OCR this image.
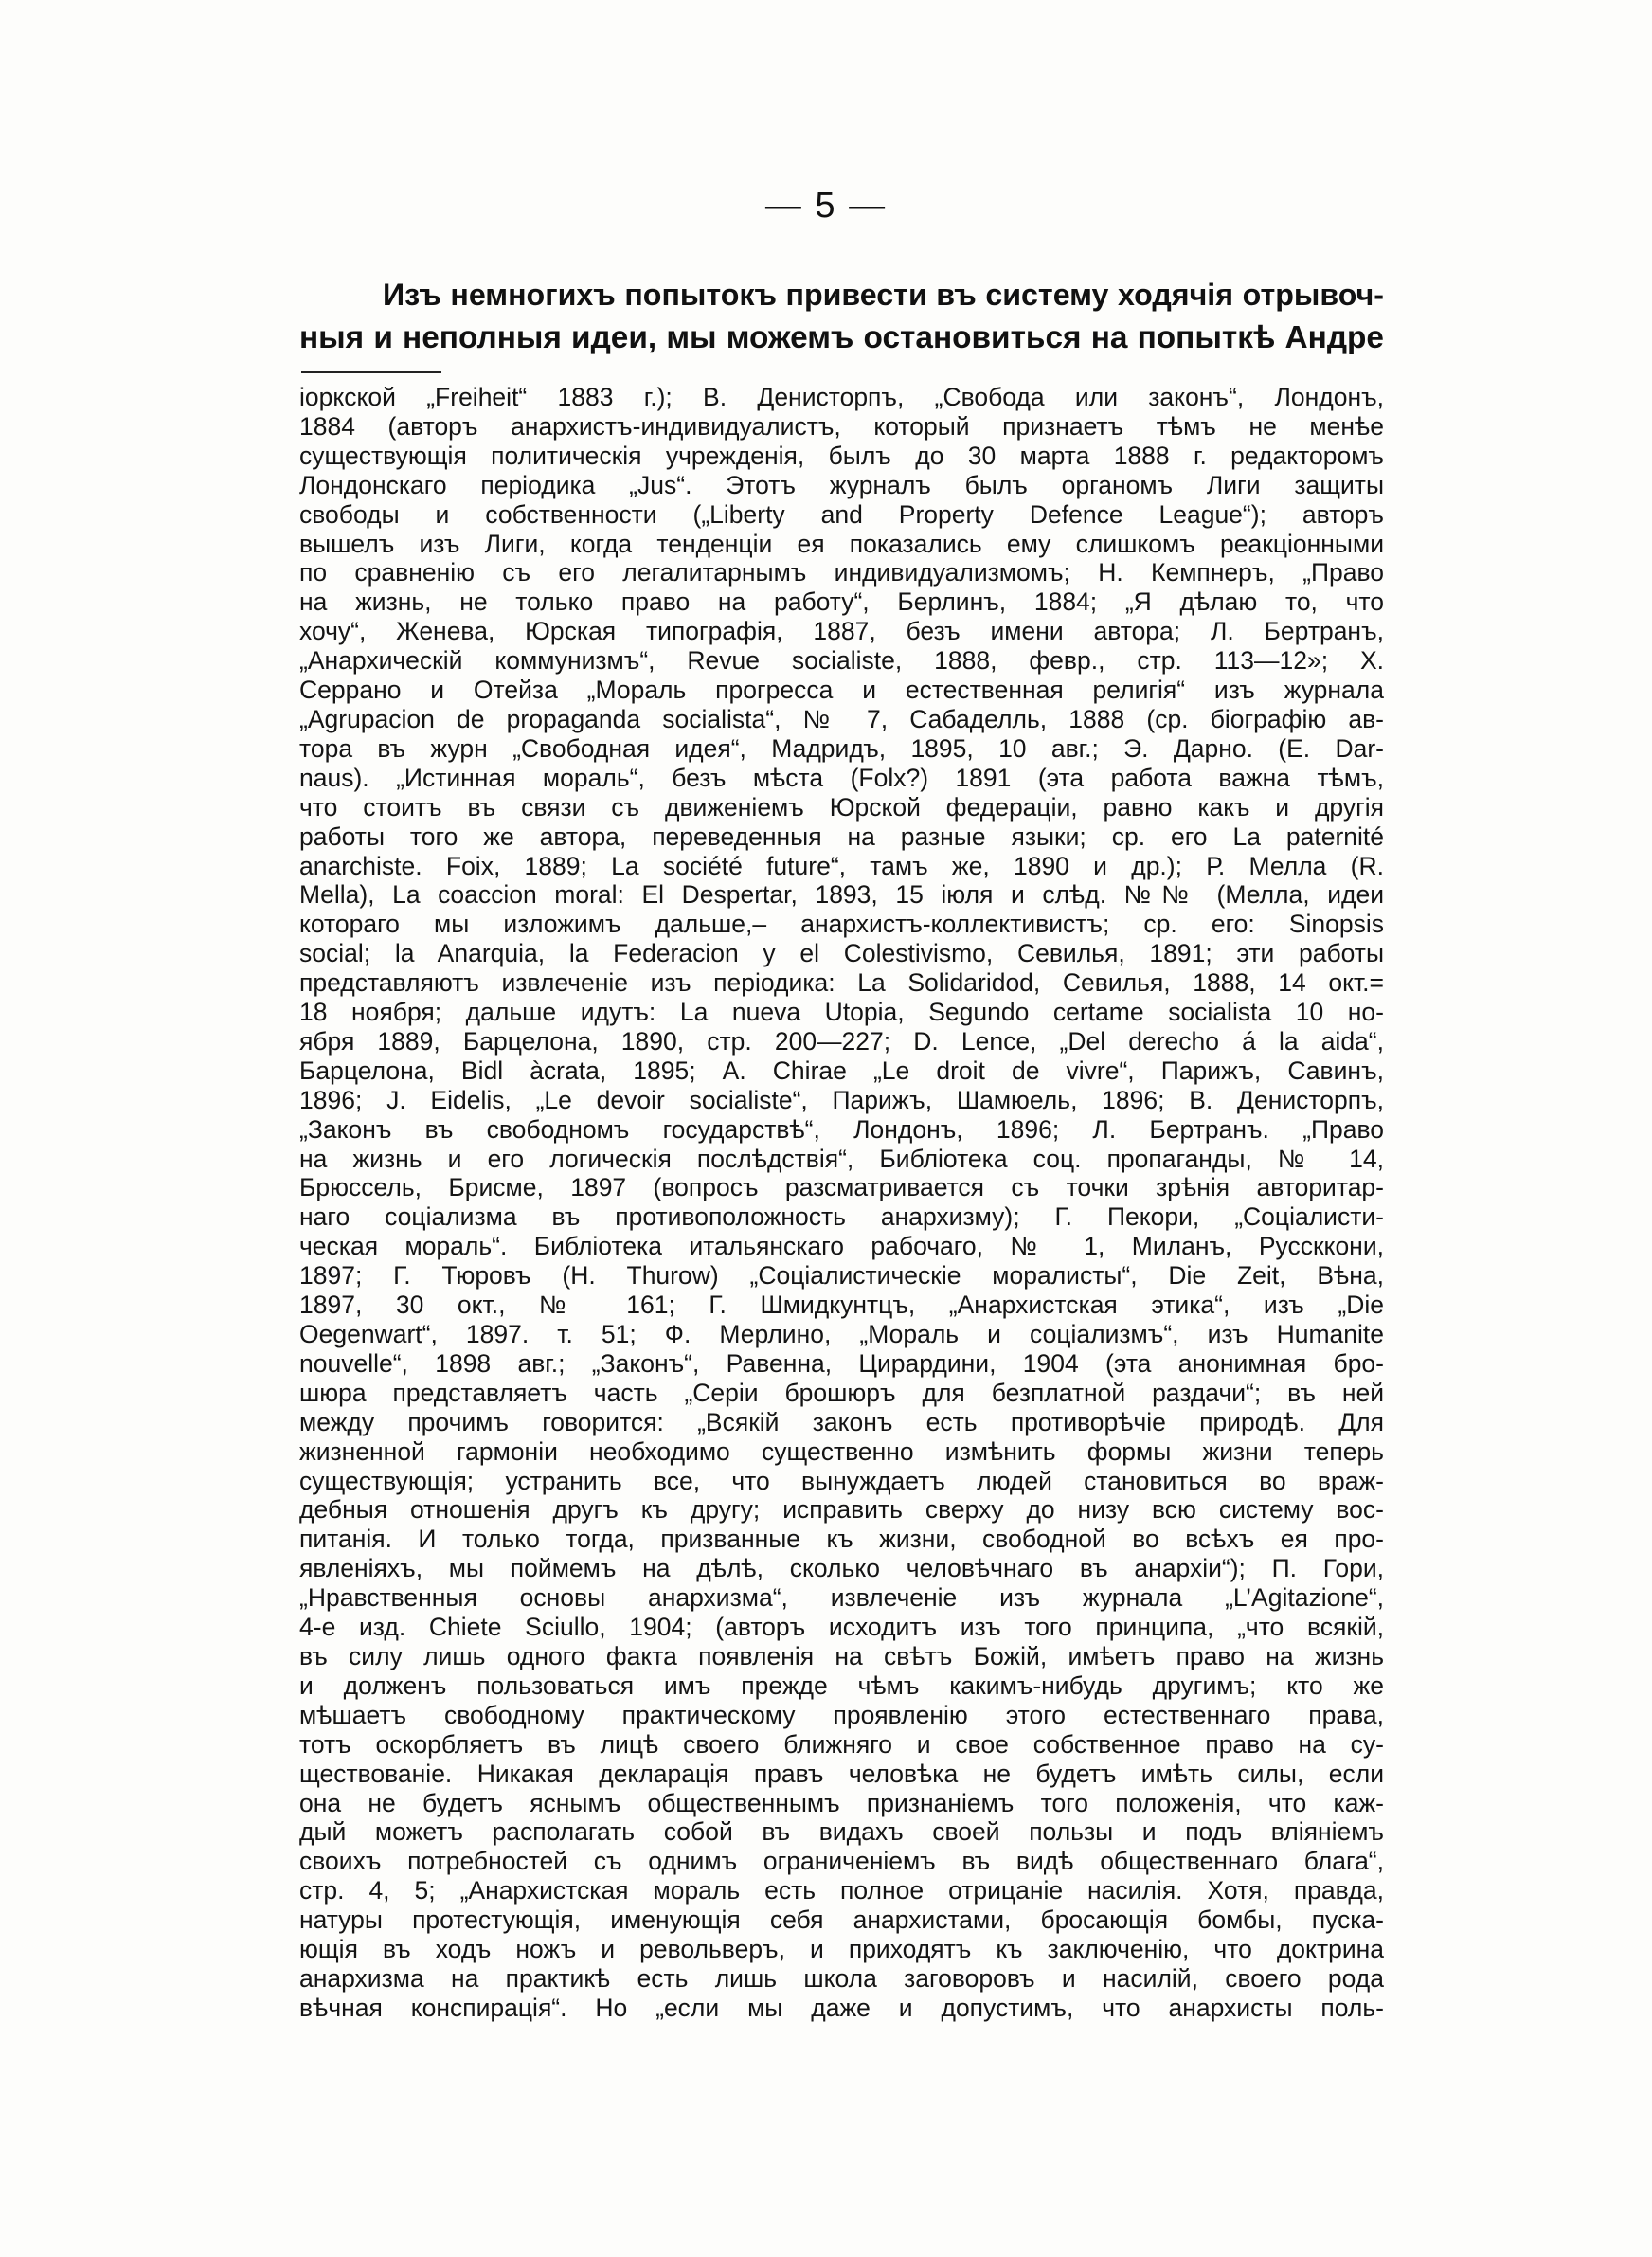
— 5 —
Изъ немногихъ попытокъ привести въ систему ходячія отрывоч-
ныя и неполныя идеи, мы можемъ остановиться на попыткѣ Андре
іоркской „Freiheit“ 1883 г.); В. Денисторпъ, „Свобода или законъ“, Лондонъ,
1884 (авторъ анархистъ-индивидуалистъ, который признаетъ тѣмъ не менѣе
существующія политическія учрежденія, былъ до 30 марта 1888 г. редакторомъ
Лондонскаго періодика „Jus“. Этотъ журналъ былъ органомъ Лиги защиты
свободы и собственности („Liberty and Property Defence League“); авторъ
вышелъ изъ Лиги, когда тенденціи ея показались ему слишкомъ реакціонными
по сравненію съ его легалитарнымъ индивидуализмомъ; Н. Кемпнеръ, „Право
на жизнь, не только право на работу“, Берлинъ, 1884; „Я дѣлаю то, что
хочу“, Женева, Юрская типографія, 1887, безъ имени автора; Л. Бертранъ,
„Анархическій коммунизмъ“, Revue socialiste, 1888, февр., стр. 113—12»; Х.
Серрано и Отейза „Мораль прогресса и естественная религія“ изъ журнала
„Agrupacion de propaganda socialista“, № 7, Сабаделль, 1888 (ср. біографію ав-
тора въ журн „Свободная идея“, Мадридъ, 1895, 10 авг.; Э. Дарно. (Е. Dar-
naus). „Истинная мораль“, безъ мѣста (Folx?) 1891 (эта работа важна тѣмъ,
что стоитъ въ связи съ движеніемъ Юрской федераціи, равно какъ и другія
работы того же автора, переведенныя на разные языки; ср. его La paternité
anarchiste. Foix, 1889; La société future“, тамъ же, 1890 и др.); Р. Мелла (R.
Mella), La coaccion moral: El Despertar, 1893, 15 іюля и слѣд. №№ (Мелла, идеи
котораго мы изложимъ дальше,– анархистъ-коллективистъ; ср. его: Sinopsis
social; la Anarquia, la Federacion y el Colestivismo, Севилья, 1891; эти работы
представляютъ извлеченіе изъ періодика: La Solidaridod, Севилья, 1888, 14 окт.=
18 ноября; дальше идутъ: La nueva Utopia, Segundo certame socialista 10 но-
ября 1889, Барцелона, 1890, стр. 200—227; D. Lence, „Del derecho á la aida“,
Барцелона, Bidl àcrata, 1895; А. Chirae „Le droit de vivre“, Парижъ, Савинъ,
1896; J. Eidelis, „Le devoir socialiste“, Парижъ, Шамюель, 1896; В. Денисторпъ,
„Законъ въ свободномъ государствѣ“, Лондонъ, 1896; Л. Бертранъ. „Право
на жизнь и его логическія послѣдствія“, Библіотека соц. пропаганды, № 14,
Брюссель, Брисме, 1897 (вопросъ разсматривается съ точки зрѣнія авторитар-
наго соціализма въ противоположность анархизму); Г. Пекори, „Соціалисти-
ческая мораль“. Библіотека итальянскаго рабочаго, № 1, Миланъ, Руссккони,
1897; Г. Тюровъ (Н. Thurow) „Соціалистическіе моралисты“, Die Zeit, Вѣна,
1897, 30 окт., № 161; Г. Шмидкунтцъ, „Анархистская этика“, изъ „Die
Oegenwart“, 1897. т. 51; Ф. Мерлино, „Мораль и соціализмъ“, изъ Humanite
nouvelle“, 1898 авг.; „Законъ“, Равенна, Цирардини, 1904 (эта анонимная бро-
шюра представляетъ часть „Серіи брошюръ для безплатной раздачи“; въ ней
между прочимъ говорится: „Всякій законъ есть противорѣчіе природѣ. Для
жизненной гармоніи необходимо существенно измѣнить формы жизни теперь
существующія; устранить все, что вынуждаетъ людей становиться во враж-
дебныя отношенія другъ къ другу; исправить сверху до низу всю систему вос-
питанія. И только тогда, призванные къ жизни, свободной во всѣхъ ея про-
явленіяхъ, мы поймемъ на дѣлѣ, сколько человѣчнаго въ анархіи“); П. Гори,
„Нравственныя основы анархизма“, извлеченіе изъ журнала „L’Agitazione“,
4-е изд. Chiete Sciullo, 1904; (авторъ исходитъ изъ того принципа, „что всякій,
въ силу лишь одного факта появленія на свѣтъ Божій, имѣетъ право на жизнь
и долженъ пользоваться имъ прежде чѣмъ какимъ-нибудь другимъ; кто же
мѣшаетъ свободному практическому проявленію этого естественнаго права,
тотъ оскорбляетъ въ лицѣ своего ближняго и свое собственное право на су-
ществованіе. Никакая декларація правъ человѣка не будетъ имѣть силы, если
она не будетъ яснымъ общественнымъ признаніемъ того положенія, что каж-
дый можетъ располагать собой въ видахъ своей пользы и подъ вліяніемъ
своихъ потребностей съ однимъ ограниченіемъ въ видѣ общественнаго блага“,
стр. 4, 5; „Анархистская мораль есть полное отрицаніе насилія. Хотя, правда,
натуры протестующія, именующія себя анархистами, бросающія бомбы, пуска-
ющія въ ходъ ножъ и револьверъ, и приходятъ къ заключенію, что доктрина
анархизма на практикѣ есть лишь школа заговоровъ и насилій, своего рода
вѣчная конспирація“. Но „если мы даже и допустимъ, что анархисты поль-
